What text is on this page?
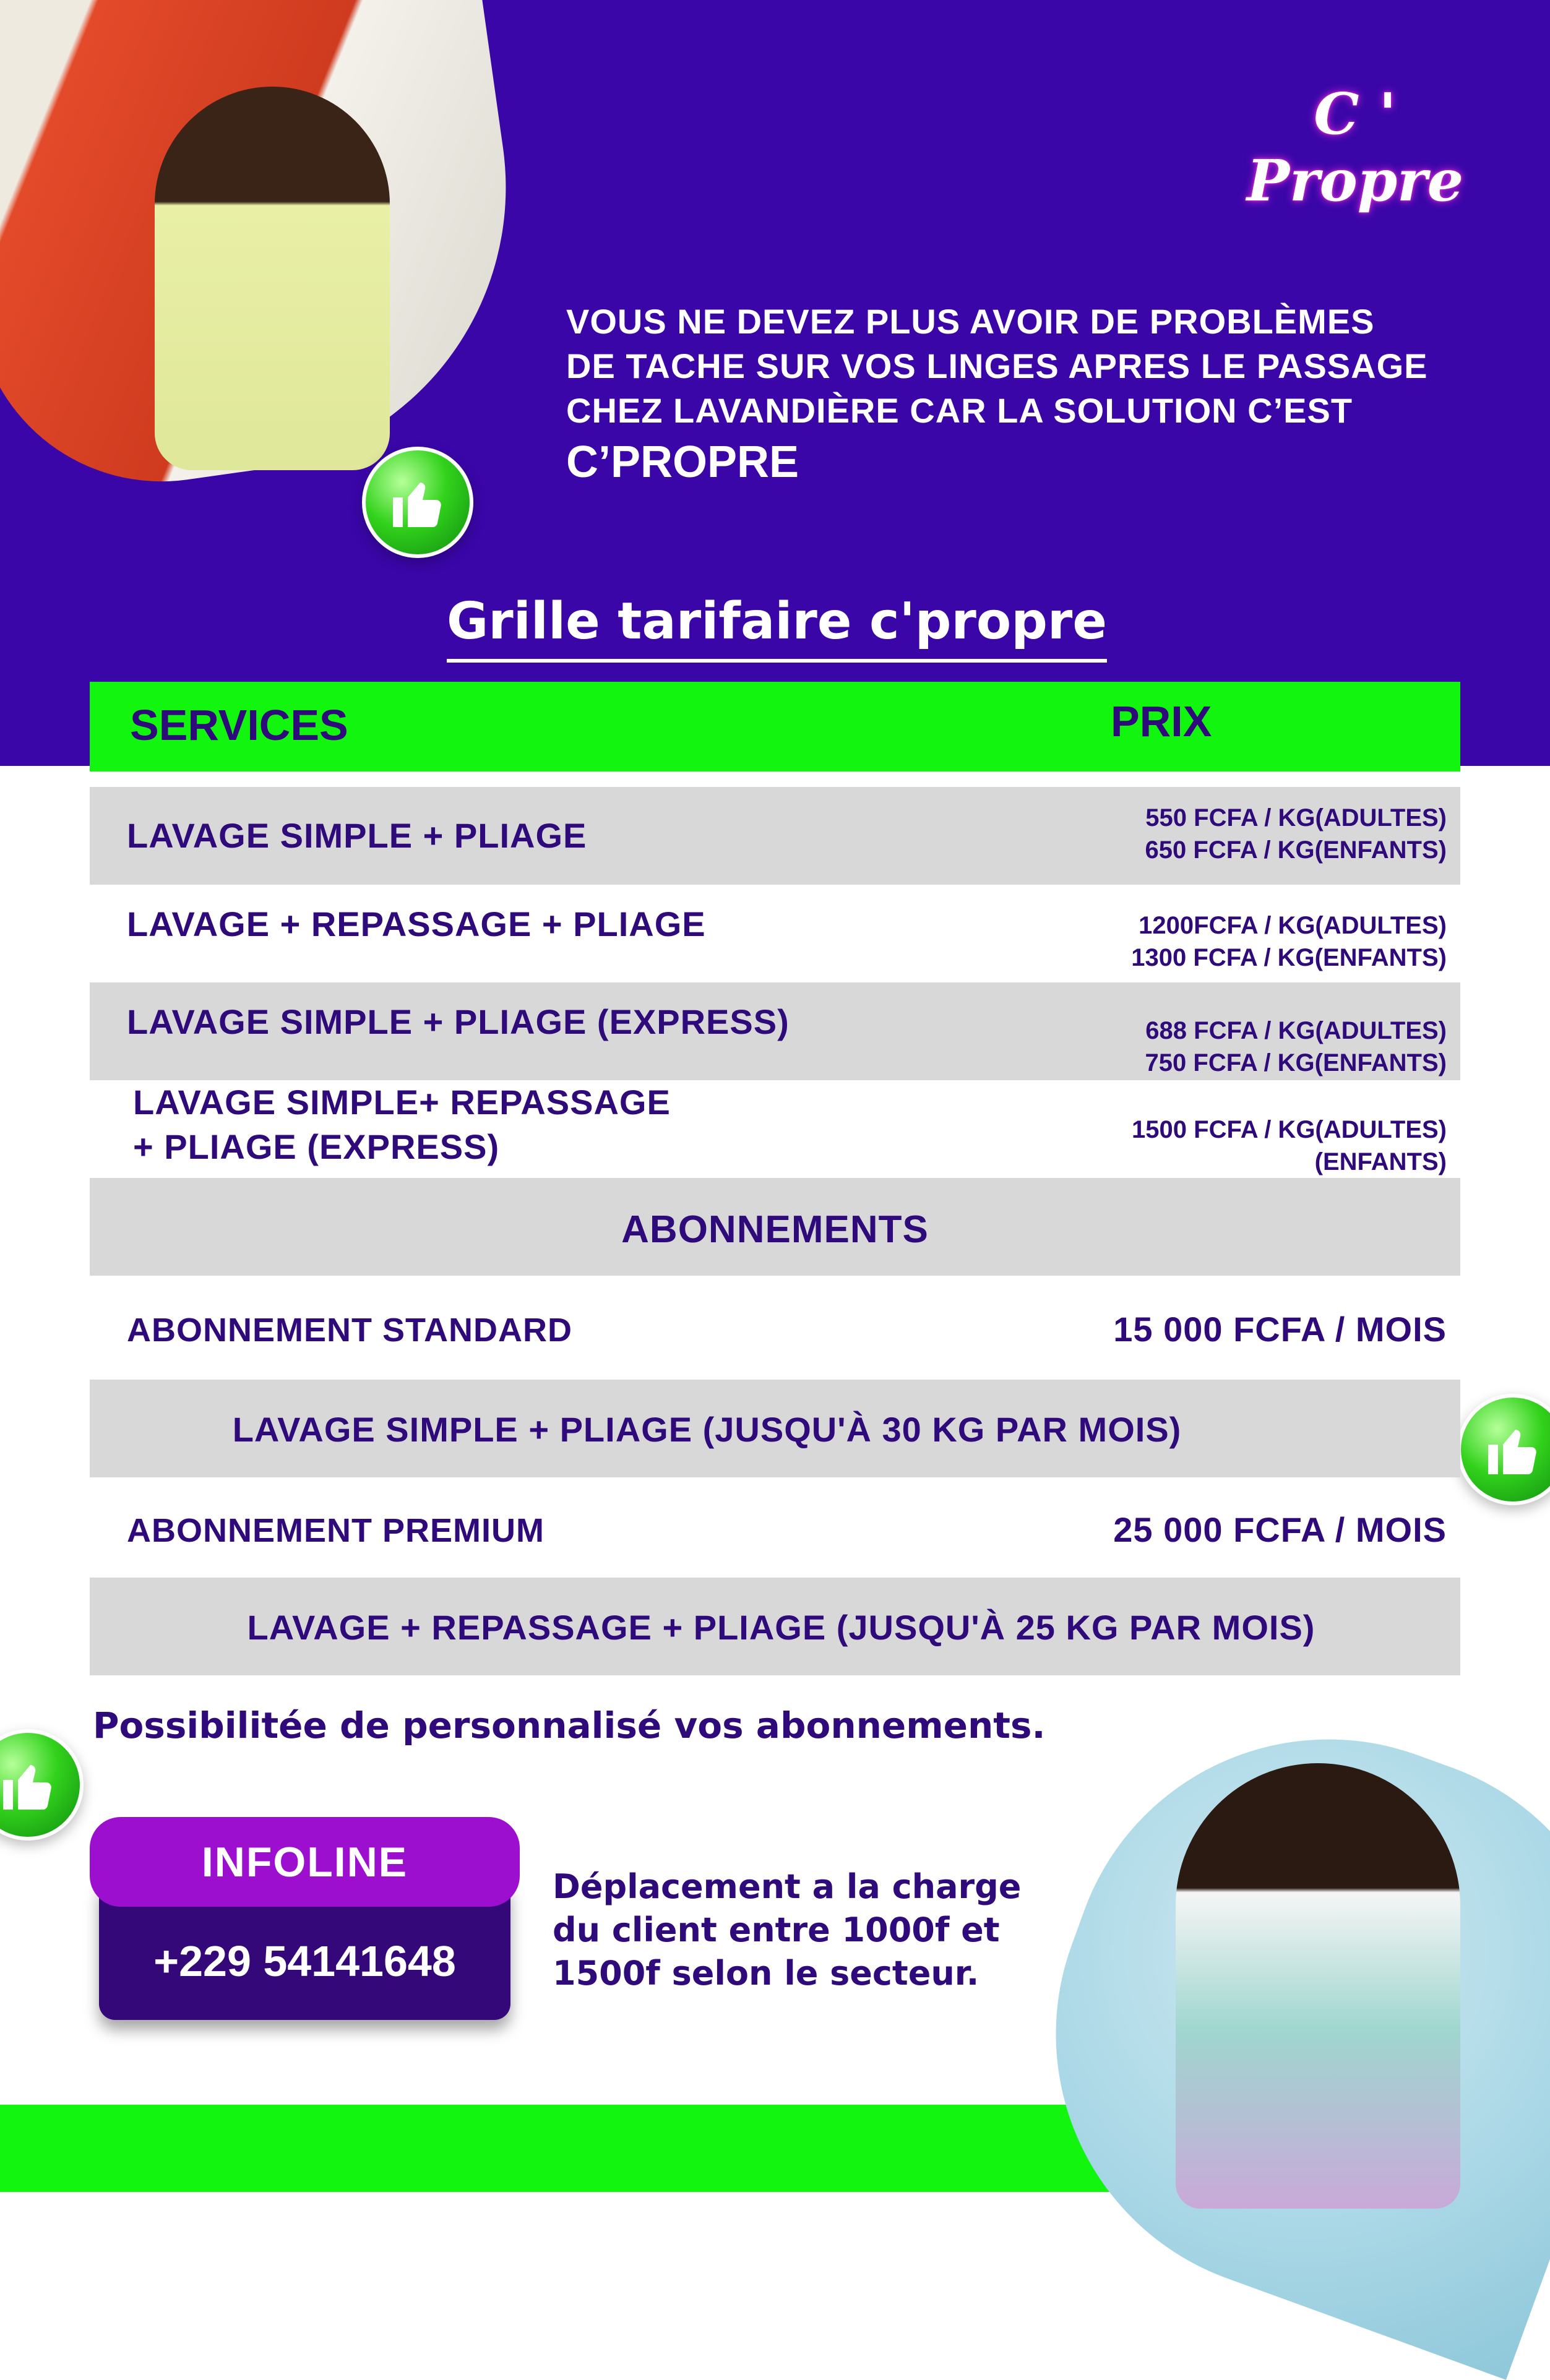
C ' Propre
VOUS NE DEVEZ PLUS AVOIR DE PROBLÈMES
DE TACHE SUR VOS LINGES APRES LE PASSAGE
CHEZ LAVANDIÈRE CAR LA SOLUTION C’EST
C’PROPRE
Grille tarifaire c'propre
SERVICES	PRIX
LAVAGE SIMPLE + PLIAGE	550 FCFA / KG(ADULTES)
650 FCFA / KG(ENFANTS)
LAVAGE + REPASSAGE + PLIAGE	1200FCFA / KG(ADULTES)
1300 FCFA / KG(ENFANTS)
LAVAGE SIMPLE + PLIAGE (EXPRESS)	688 FCFA / KG(ADULTES)
750 FCFA / KG(ENFANTS)
LAVAGE SIMPLE+ REPASSAGE
+ PLIAGE (EXPRESS)	1500 FCFA / KG(ADULTES)
(ENFANTS)
ABONNEMENTS
ABONNEMENT STANDARD	15 000 FCFA / MOIS
LAVAGE SIMPLE + PLIAGE (JUSQU'À 30 KG PAR MOIS)
ABONNEMENT PREMIUM	25 000 FCFA / MOIS
LAVAGE + REPASSAGE + PLIAGE (JUSQU'À 25 KG PAR MOIS)
Possibilitée de personnalisé vos abonnements.
INFOLINE
+229 54141648
Déplacement a la charge
du client entre 1000f et
1500f selon le secteur.
